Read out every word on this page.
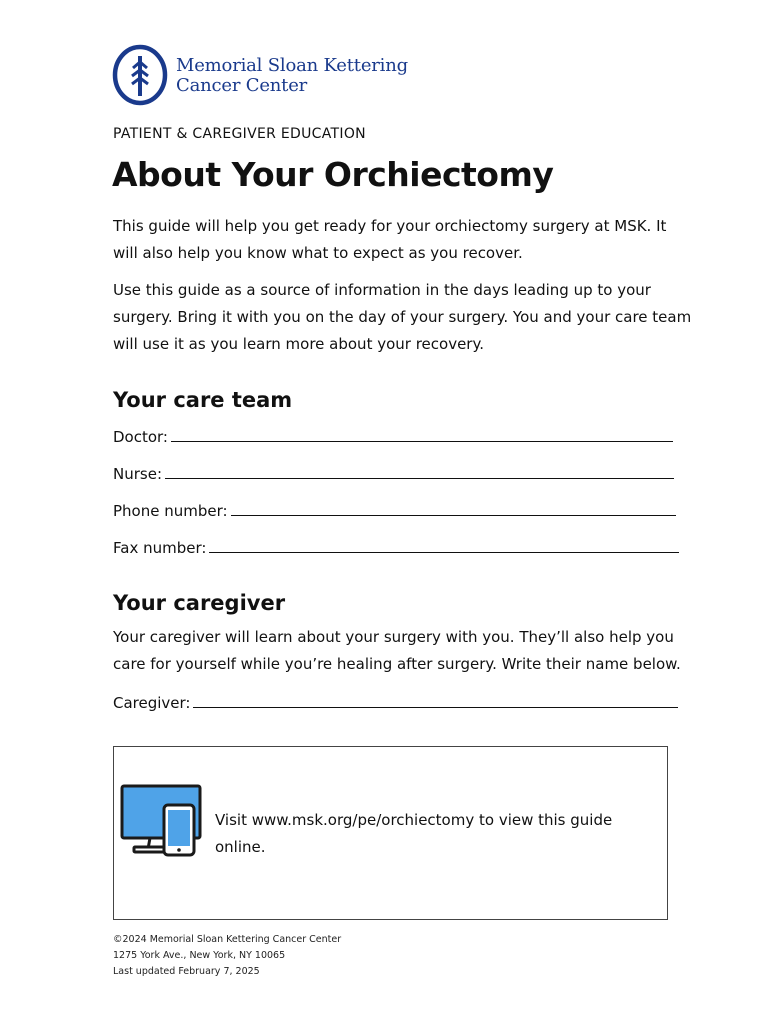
Memorial Sloan Kettering
Cancer Center
PATIENT & CAREGIVER EDUCATION
About Your Orchiectomy

This guide will help you get ready for your orchiectomy surgery at MSK. It will also help you know what to expect as you recover.

Use this guide as a source of information in the days leading up to your surgery. Bring it with you on the day of your surgery. You and your care team will use it as you learn more about your recovery.

Your care team
Doctor:
Nurse:
Phone number:
Fax number:
Your caregiver

Your caregiver will learn about your surgery with you. They’ll also help you care for yourself while you’re healing after surgery. Write their name below.

Caregiver:
Visit www.msk.org/pe/orchiectomy to view this guide online.
©2024 Memorial Sloan Kettering Cancer Center
1275 York Ave., New York, NY 10065
Last updated February 7, 2025
